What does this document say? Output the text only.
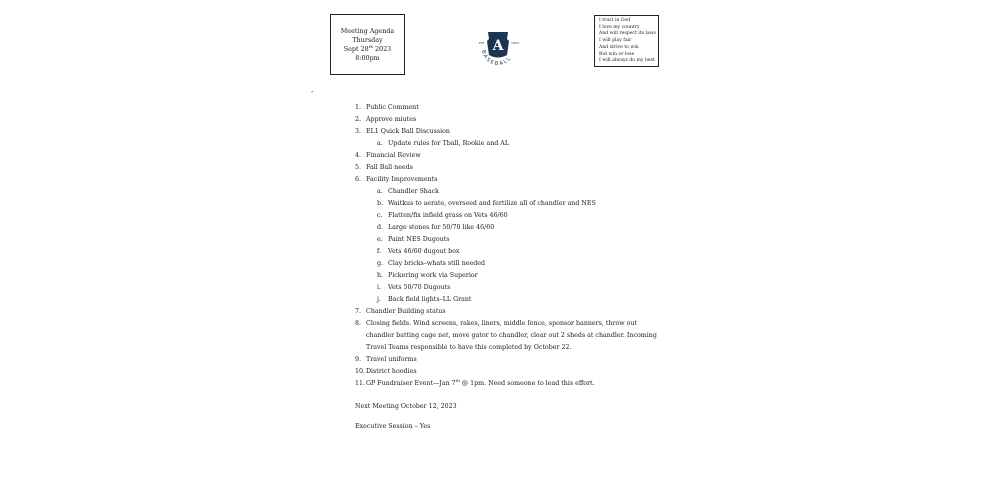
Meeting Agenda
Thursday
Sept 28th 2023
8:00pm
A
EST	1953
BASEBALL
I trust in God
I love my country
And will respect its laws
I will play fair
And strive to win
But win or lose
I will always do my best
-
1. Public Comment
2. Approve miutes
3. EL1 Quick Ball Discussion
a. Update rules for Tball, Rookie and AL
4. Financial Review
5. Fall Ball needs
6. Facility Improvements
a. Chandler Shack
b. Waitkus to aerate, overseed and fertilize all of chandler and NES
c. Flatten/fix infield grass on Vets 46/60
d. Large stones for 50/70 like 46/60
e. Paint NES Dugouts
f. Vets 46/60 dugout box
g. Clay bricks–whats still needed
h. Pickering work via Superior
i. Vets 50/70 Dugouts
j. Back field lights–LL Grant
7. Chandler Building status
8. Closing fields. Wind screens, rakes, liners, middle fence, sponsor banners, throw out
chandler batting cage net, move gator to chandler, clear out 2 sheds at chandler. Incoming
Travel Teams responsible to have this completed by October 22.
9. Travel uniforms
10. District hoodies
11. GP Fundraiser Event—Jan 7th @ 1pm. Need someone to lead this effort.
Next Meeting October 12, 2023
Executive Session – Yes
